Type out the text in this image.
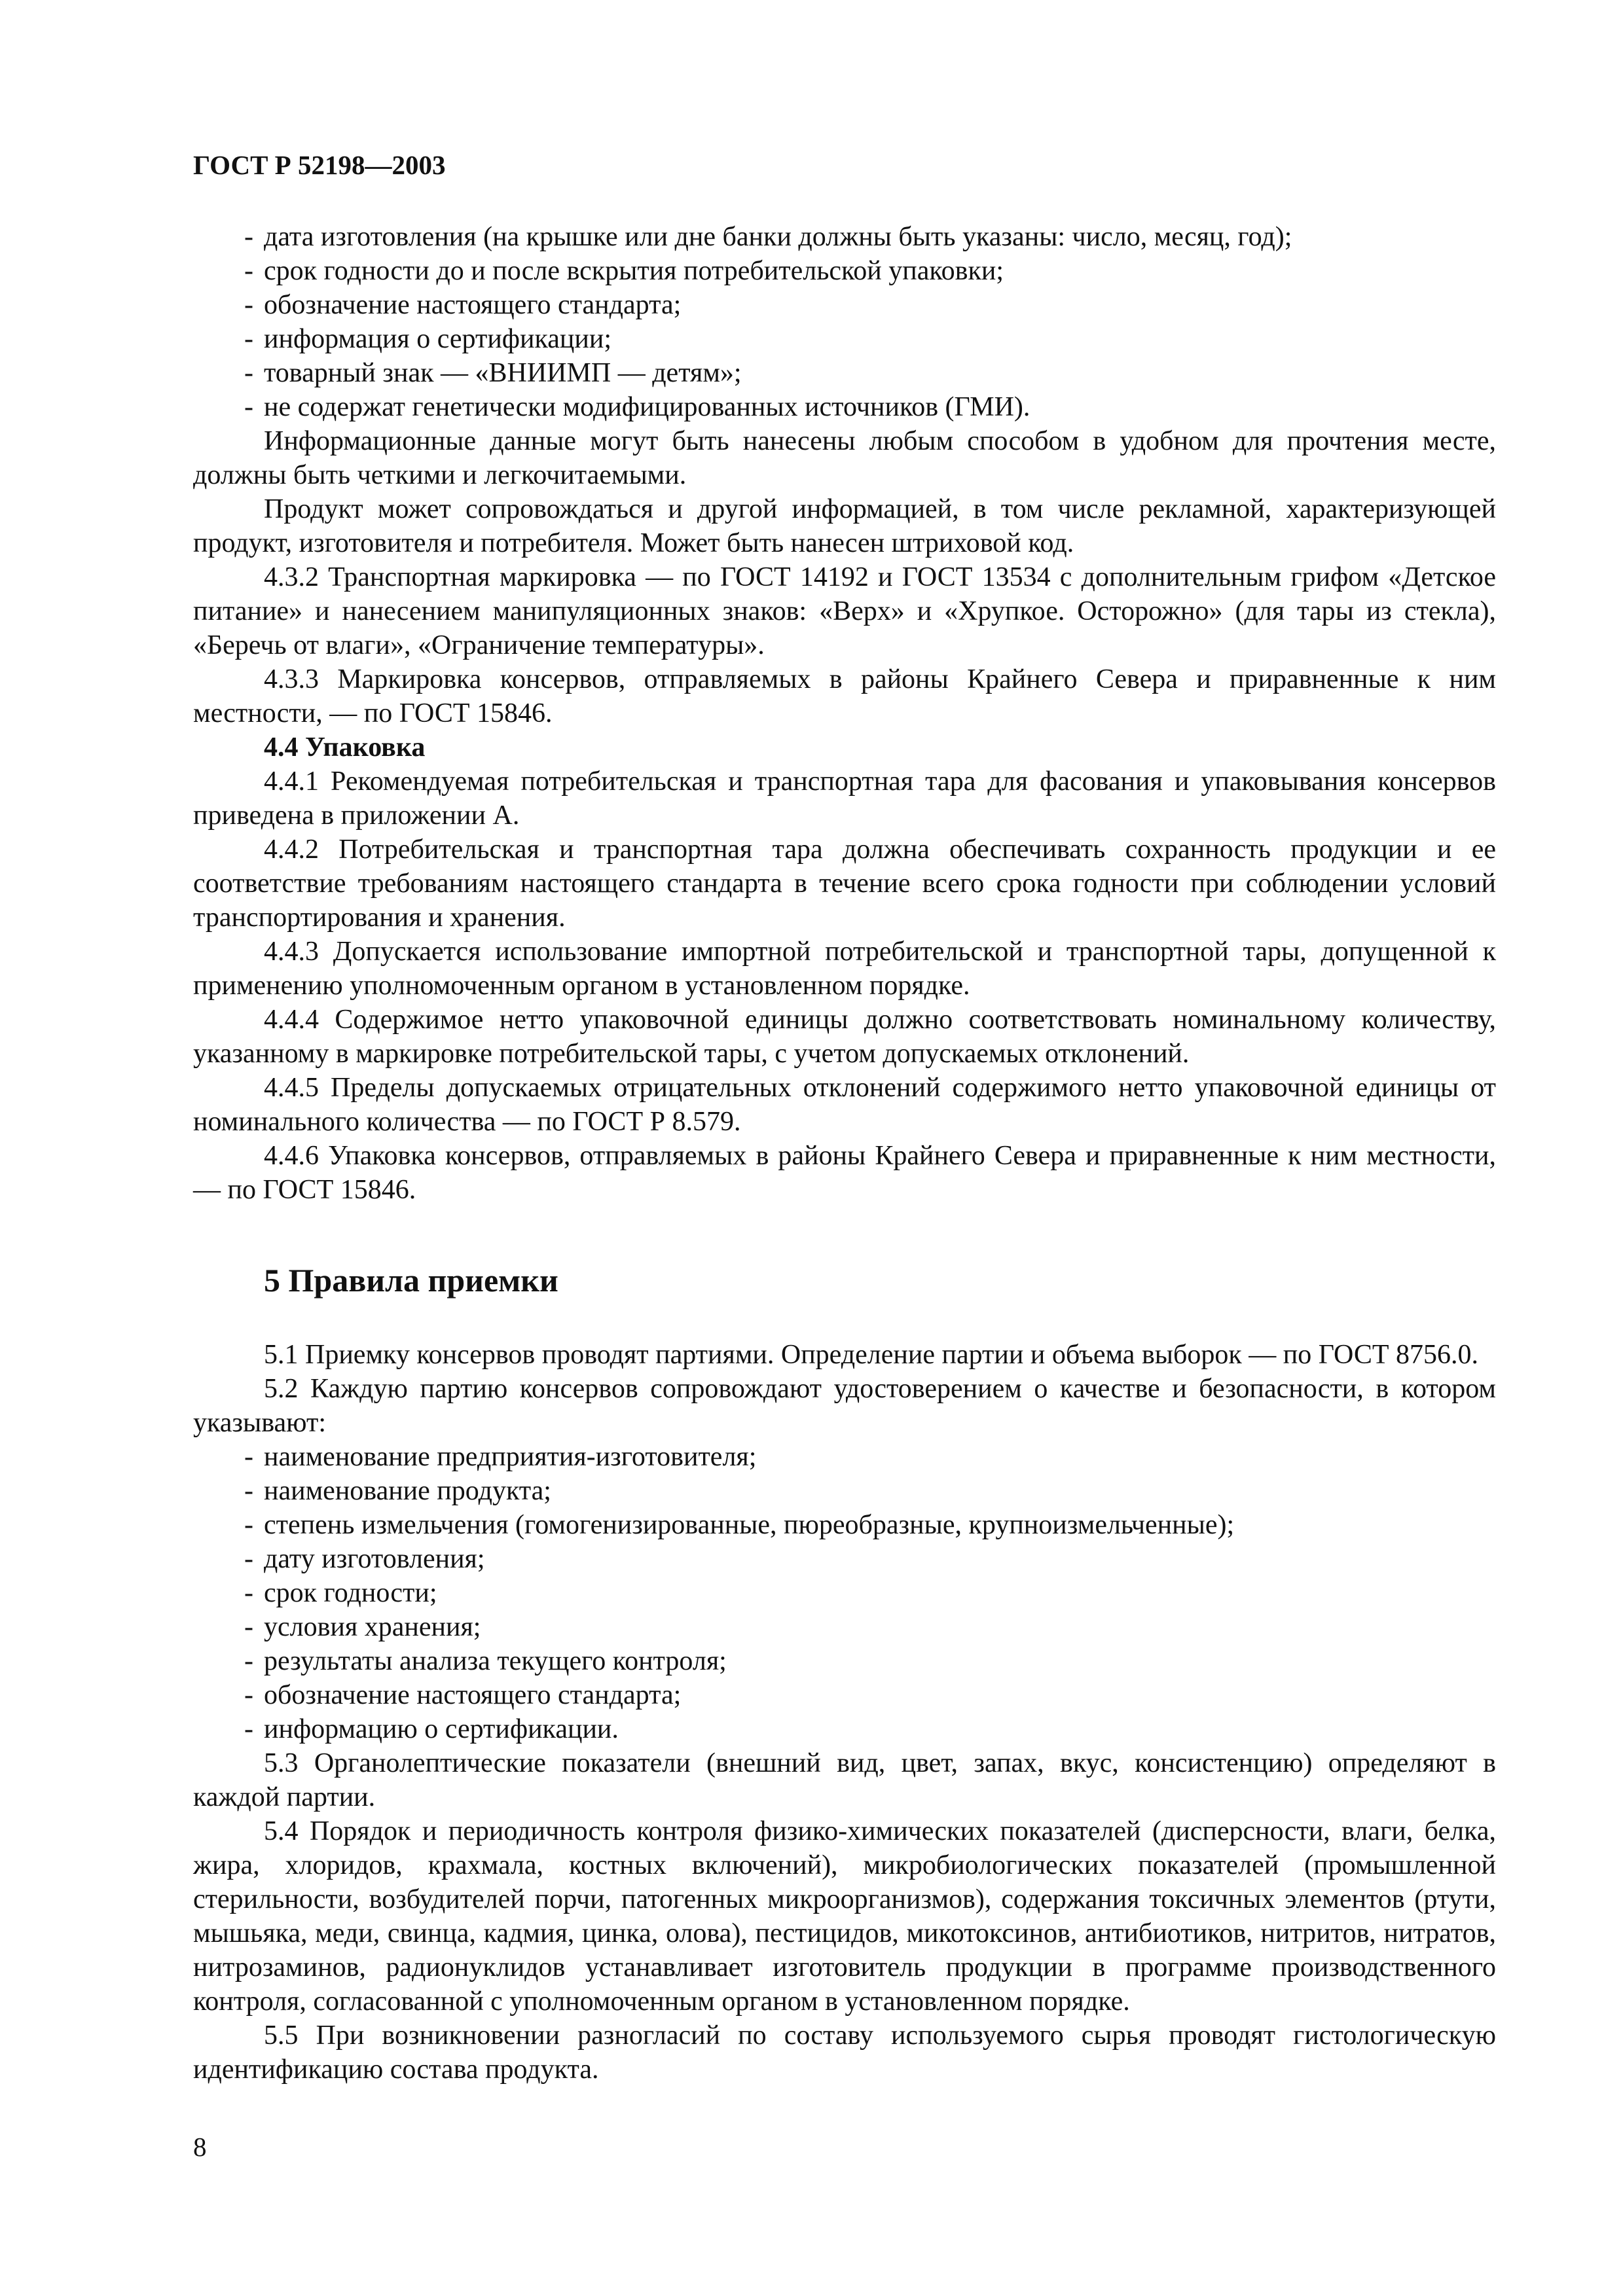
ГОСТ Р 52198—2003
- дата изготовления (на крышке или дне банки должны быть указаны: число, месяц, год);
- срок годности до и после вскрытия потребительской упаковки;
- обозначение настоящего стандарта;
- информация о сертификации;
- товарный знак — «ВНИИМП — детям»;
- не содержат генетически модифицированных источников (ГМИ).
Информационные данные могут быть нанесены любым способом в удобном для прочтения месте, должны быть четкими и легкочитаемыми.
Продукт может сопровождаться и другой информацией, в том числе рекламной, характеризующей продукт, изготовителя и потребителя. Может быть нанесен штриховой код.
4.3.2 Транспортная маркировка — по ГОСТ 14192 и ГОСТ 13534 с дополнительным грифом «Детское питание» и нанесением манипуляционных знаков: «Верх» и «Хрупкое. Осторожно» (для тары из стекла), «Беречь от влаги», «Ограничение температуры».
4.3.3 Маркировка консервов, отправляемых в районы Крайнего Севера и приравненные к ним местности, — по ГОСТ 15846.
4.4 Упаковка
4.4.1 Рекомендуемая потребительская и транспортная тара для фасования и упаковывания консервов приведена в приложении А.
4.4.2 Потребительская и транспортная тара должна обеспечивать сохранность продукции и ее соответствие требованиям настоящего стандарта в течение всего срока годности при соблюдении условий транспортирования и хранения.
4.4.3 Допускается использование импортной потребительской и транспортной тары, допущенной к применению уполномоченным органом в установленном порядке.
4.4.4 Содержимое нетто упаковочной единицы должно соответствовать номинальному количеству, указанному в маркировке потребительской тары, с учетом допускаемых отклонений.
4.4.5 Пределы допускаемых отрицательных отклонений содержимого нетто упаковочной единицы от номинального количества — по ГОСТ Р 8.579.
4.4.6 Упаковка консервов, отправляемых в районы Крайнего Севера и приравненные к ним местности, — по ГОСТ 15846.
5 Правила приемки
5.1 Приемку консервов проводят партиями. Определение партии и объема выборок — по ГОСТ 8756.0.
5.2 Каждую партию консервов сопровождают удостоверением о качестве и безопасности, в котором указывают:
- наименование предприятия-изготовителя;
- наименование продукта;
- степень измельчения (гомогенизированные, пюреобразные, крупноизмельченные);
- дату изготовления;
- срок годности;
- условия хранения;
- результаты анализа текущего контроля;
- обозначение настоящего стандарта;
- информацию о сертификации.
5.3 Органолептические показатели (внешний вид, цвет, запах, вкус, консистенцию) определяют в каждой партии.
5.4 Порядок и периодичность контроля физико-химических показателей (дисперсности, влаги, белка, жира, хлоридов, крахмала, костных включений), микробиологических показателей (промышленной стерильности, возбудителей порчи, патогенных микроорганизмов), содержания токсичных элементов (ртути, мышьяка, меди, свинца, кадмия, цинка, олова), пестицидов, микотоксинов, антибиотиков, нитритов, нитратов, нитрозаминов, радионуклидов устанавливает изготовитель продукции в программе производственного контроля, согласованной с уполномоченным органом в установленном порядке.
5.5 При возникновении разногласий по составу используемого сырья проводят гистологическую идентификацию состава продукта.
8
